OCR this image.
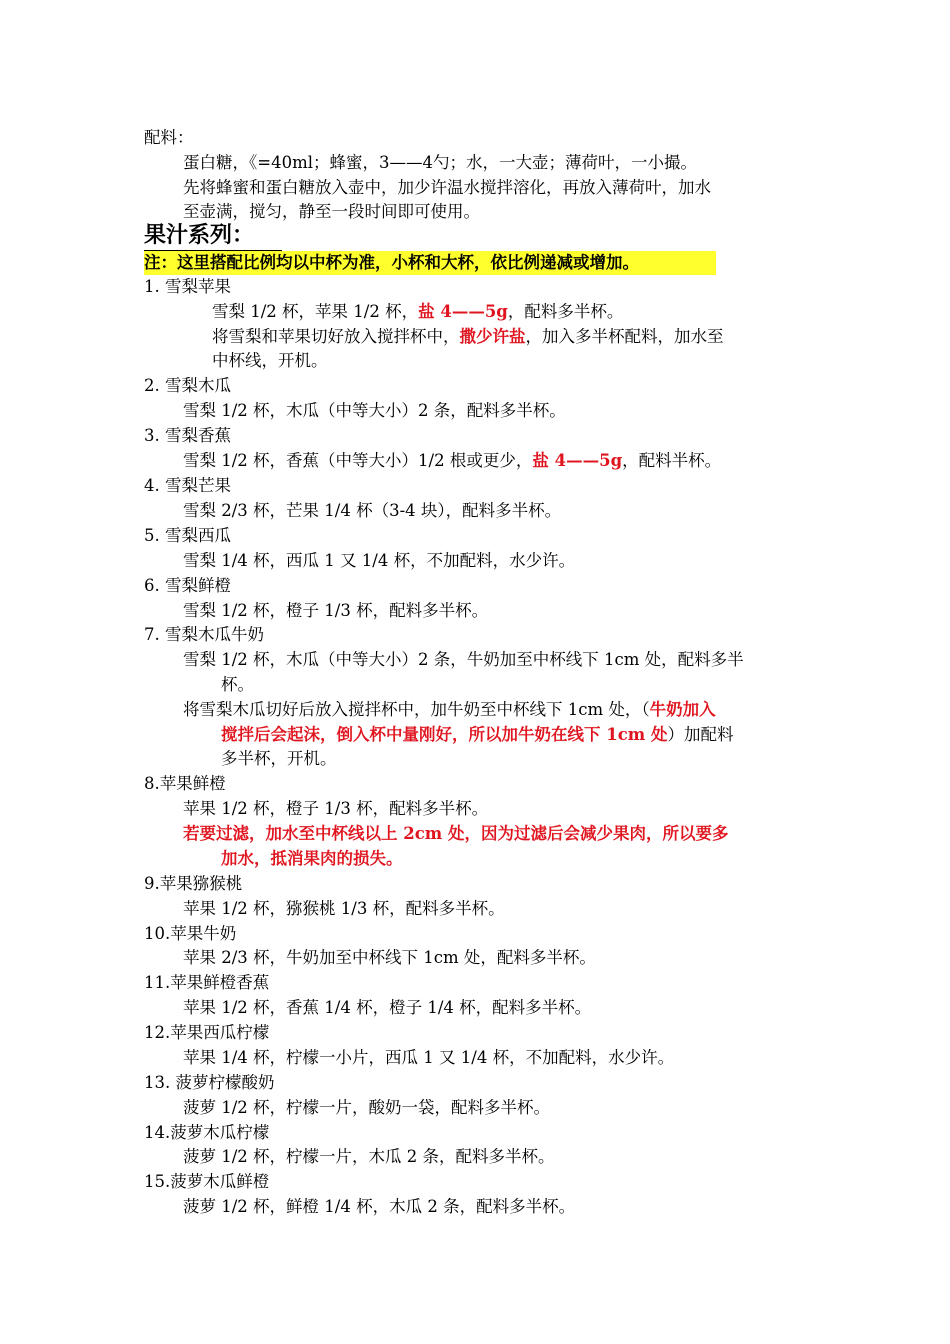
配料：
蛋白糖，《=40ml；蜂蜜，3——4勺；水，一大壶；薄荷叶，一小撮。
先将蜂蜜和蛋白糖放入壶中，加少许温水搅拌溶化，再放入薄荷叶，加水
至壶满，搅匀，静至一段时间即可使用。
果汁系列：
注：这里搭配比例均以中杯为准，小杯和大杯，依比例递减或增加。
1. 雪梨苹果
雪梨 1/2 杯，苹果 1/2 杯，盐 4——5g，配料多半杯。
将雪梨和苹果切好放入搅拌杯中，撒少许盐，加入多半杯配料，加水至
中杯线，开机。
2. 雪梨木瓜
雪梨 1/2 杯，木瓜（中等大小）2 条，配料多半杯。
3. 雪梨香蕉
雪梨 1/2 杯，香蕉（中等大小）1/2 根或更少，盐 4——5g，配料半杯。
4. 雪梨芒果
雪梨 2/3 杯，芒果 1/4 杯（3-4 块），配料多半杯。
5. 雪梨西瓜
雪梨 1/4 杯，西瓜 1 又 1/4 杯，不加配料，水少许。
6. 雪梨鲜橙
雪梨 1/2 杯，橙子 1/3 杯，配料多半杯。
7. 雪梨木瓜牛奶
雪梨 1/2 杯，木瓜（中等大小）2 条，牛奶加至中杯线下 1cm 处，配料多半
杯。
将雪梨木瓜切好后放入搅拌杯中，加牛奶至中杯线下 1cm 处，（牛奶加入
搅拌后会起沫，倒入杯中量刚好，所以加牛奶在线下 1cm 处）加配料
多半杯，开机。
8.苹果鲜橙
苹果 1/2 杯，橙子 1/3 杯，配料多半杯。
若要过滤，加水至中杯线以上 2cm 处，因为过滤后会减少果肉，所以要多
加水，抵消果肉的损失。
9.苹果猕猴桃
苹果 1/2 杯，猕猴桃 1/3 杯，配料多半杯。
10.苹果牛奶
苹果 2/3 杯，牛奶加至中杯线下 1cm 处，配料多半杯。
11.苹果鲜橙香蕉
苹果 1/2 杯，香蕉 1/4 杯，橙子 1/4 杯，配料多半杯。
12.苹果西瓜柠檬
苹果 1/4 杯，柠檬一小片，西瓜 1 又 1/4 杯，不加配料，水少许。
13. 菠萝柠檬酸奶
菠萝 1/2 杯，柠檬一片，酸奶一袋，配料多半杯。
14.菠萝木瓜柠檬
菠萝 1/2 杯，柠檬一片，木瓜 2 条，配料多半杯。
15.菠萝木瓜鲜橙
菠萝 1/2 杯，鲜橙 1/4 杯，木瓜 2 条，配料多半杯。
